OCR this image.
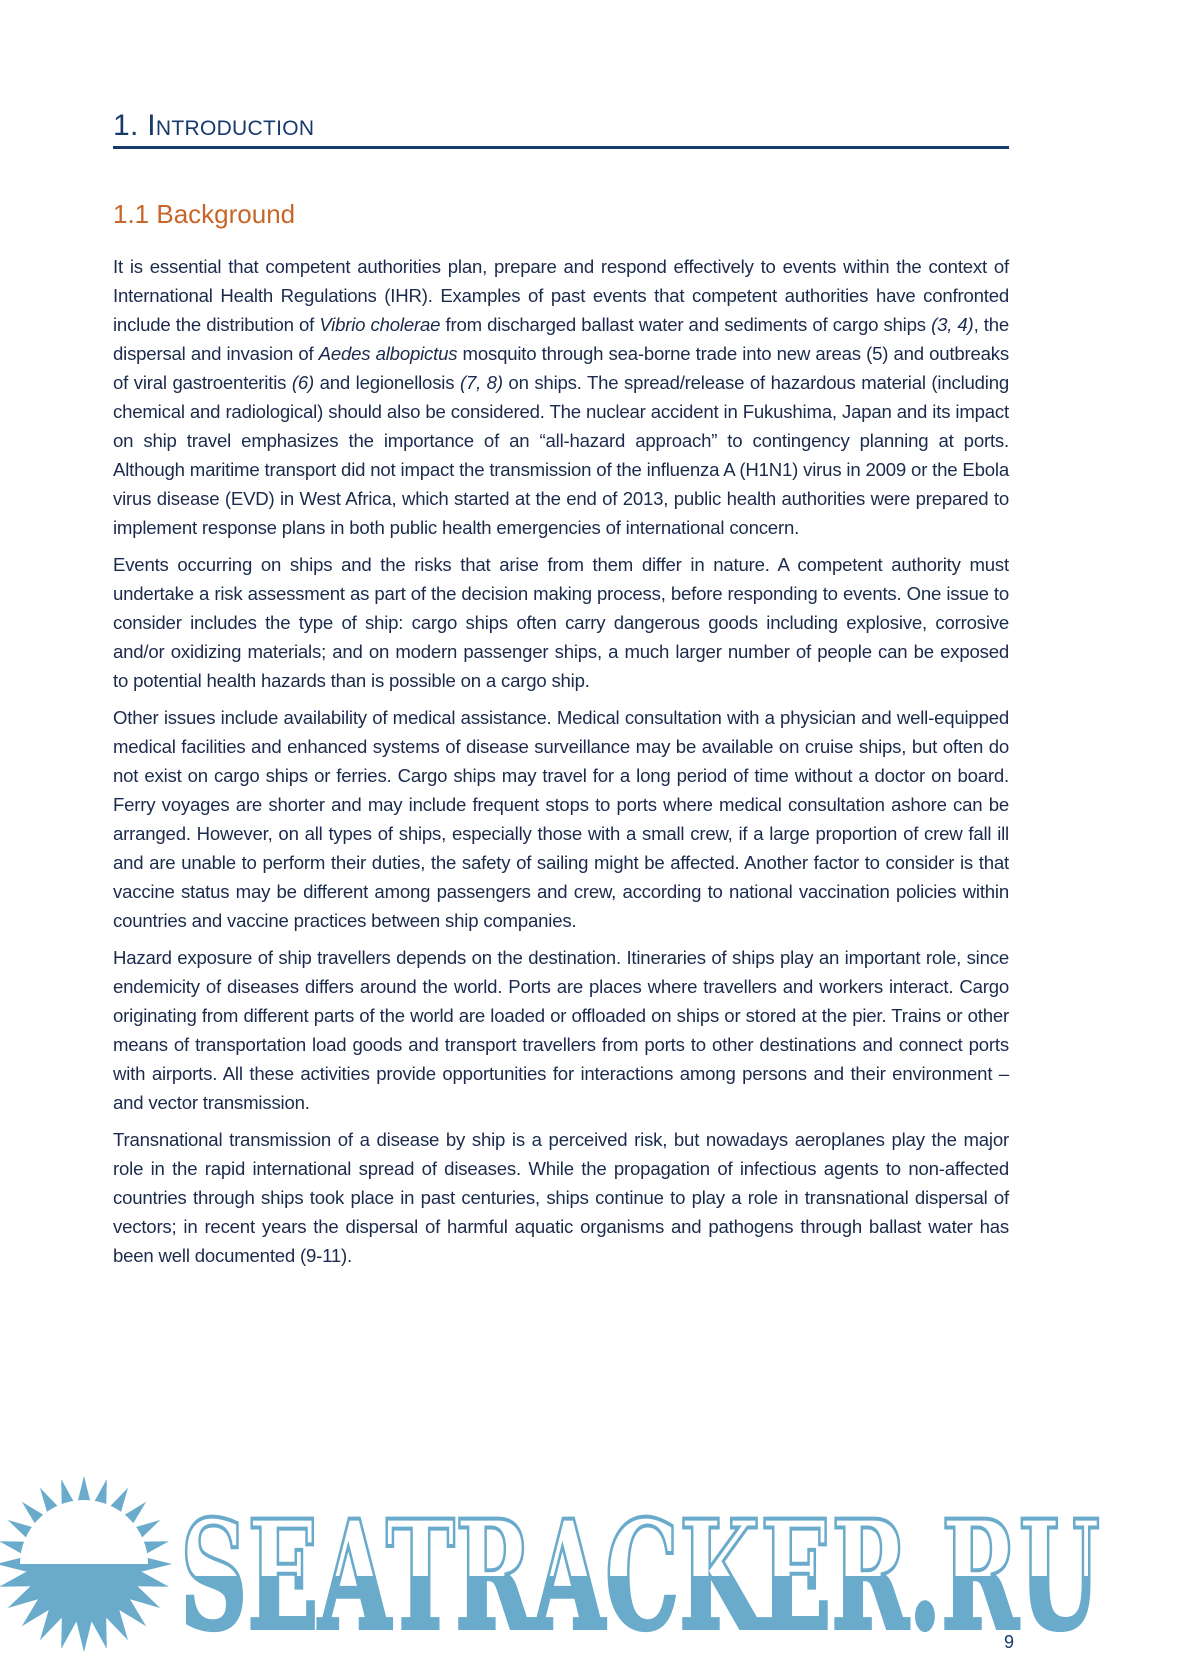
1. Introduction
1.1 Background

It is essential that competent authorities plan, prepare and respond effectively to events within the context of International Health Regulations (IHR). Examples of past events that competent authorities have confronted include the distribution of Vibrio cholerae from discharged ballast water and sediments of cargo ships (3, 4), the dispersal and invasion of Aedes albopictus mosquito through sea-borne trade into new areas (5) and outbreaks of viral gastroenteritis (6) and legionellosis (7, 8) on ships. The spread/release of hazardous material (including chemical and radiological) should also be considered. The nuclear accident in Fukushima, Japan and its impact on ship travel emphasizes the importance of an “all-hazard approach” to contingency planning at ports. Although maritime transport did not impact the transmission of the influenza A (H1N1) virus in 2009 or the Ebola virus disease (EVD) in West Africa, which started at the end of 2013, public health authorities were prepared to implement response plans in both public health emergencies of international concern.

Events occurring on ships and the risks that arise from them differ in nature. A competent authority must undertake a risk assessment as part of the decision making process, before responding to events. One issue to consider includes the type of ship: cargo ships often carry dangerous goods including explosive, corrosive and/or oxidizing materials; and on modern passenger ships, a much larger number of people can be exposed to potential health hazards than is possible on a cargo ship.

Other issues include availability of medical assistance. Medical consultation with a physician and well-equipped medical facilities and enhanced systems of disease surveillance may be available on cruise ships, but often do not exist on cargo ships or ferries. Cargo ships may travel for a long period of time without a doctor on board. Ferry voyages are shorter and may include frequent stops to ports where medical consultation ashore can be arranged. However, on all types of ships, especially those with a small crew, if a large proportion of crew fall ill and are unable to perform their duties, the safety of sailing might be affected. Another factor to consider is that vaccine status may be different among passengers and crew, according to national vaccination policies within countries and vaccine practices between ship companies.

Hazard exposure of ship travellers depends on the destination. Itineraries of ships play an important role, since endemicity of diseases differs around the world. Ports are places where travellers and workers interact. Cargo originating from different parts of the world are loaded or offloaded on ships or stored at the pier. Trains or other means of transportation load goods and transport travellers from ports to other destinations and connect ports with airports. All these activities provide opportunities for interactions among persons and their environment – and vector transmission.

Transnational transmission of a disease by ship is a perceived risk, but nowadays aeroplanes play the major role in the rapid international spread of diseases. While the propagation of infectious agents to non-affected countries through ships took place in past centuries, ships continue to play a role in transnational dispersal of vectors; in recent years the dispersal of harmful aquatic organisms and pathogens through ballast water has been well documented (9-11).

SEATRACKER.RU
9
